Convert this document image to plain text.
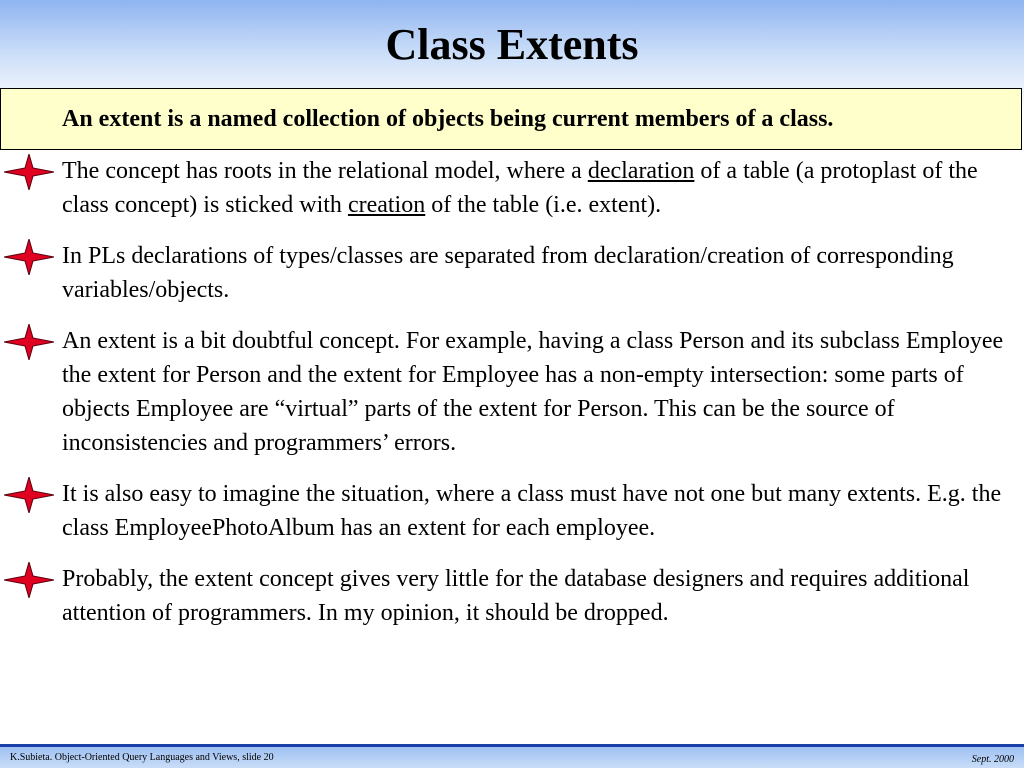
Class Extents
An extent is a named collection of objects being current members of a class.
The concept has roots in the relational model, where a declaration of a table (a protoplast of the class concept) is sticked with creation of the table (i.e. extent).
In PLs declarations of types/classes are separated from declaration/creation of corresponding variables/objects.
An extent is a bit doubtful concept. For example, having a class Person and its subclass Employee the extent for Person and the extent for Employee has a non-empty intersection: some parts of objects Employee are “virtual” parts of the extent for Person. This can be the source of inconsistencies and programmers’ errors.
It is also easy to imagine the situation, where a class must have not one but many extents. E.g. the class EmployeePhotoAlbum has an extent for each employee.
Probably, the extent concept gives very little for the database designers and requires additional attention of programmers. In my opinion, it should be dropped.
K.Subieta. Object-Oriented Query Languages and Views, slide 20	Sept. 2000
